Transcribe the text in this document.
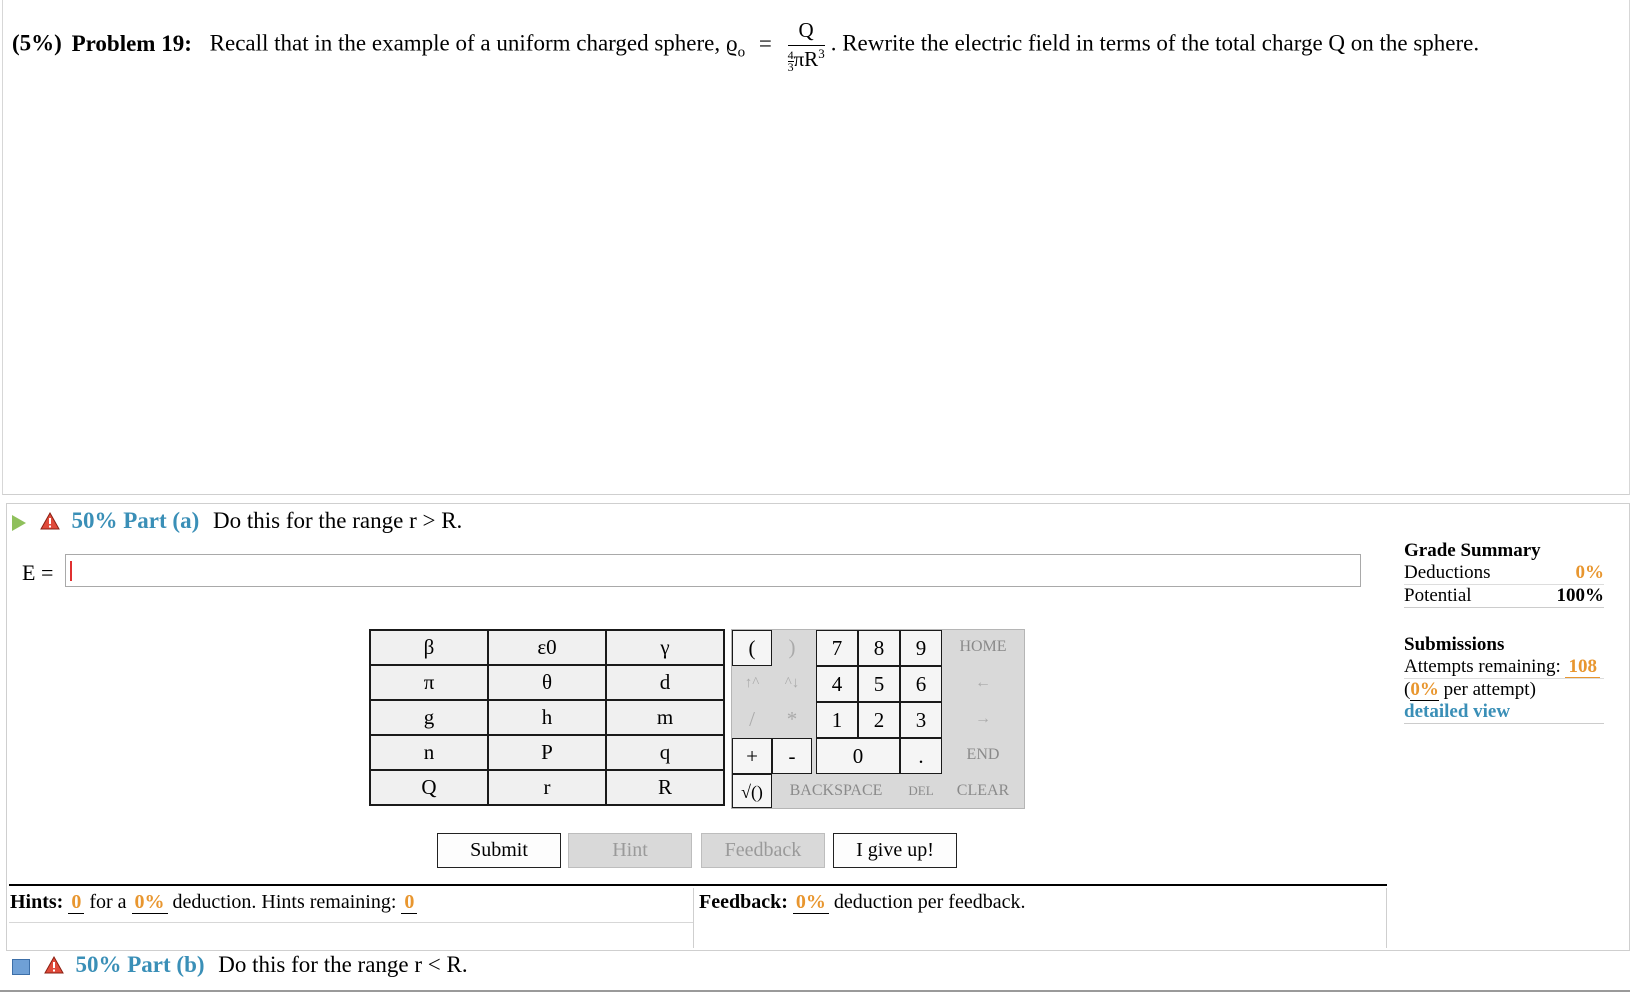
(5%) Problem 19: Recall that in the example of a uniform charged sphere, $ϱ_o = \frac{Q}{\frac{4}{3} \pi R^3}$ . Rewrite the electric field in terms of the total charge Q on the sphere.
50% Part (a) Do this for the range r > R.
E =
β	ε0	γ
π	θ	d
g	h	m
n	P	q
Q	r	R
(	)	7	8	9	HOME
↑^	^↓	4	5	6	←
/	*	1	2	3	→
+	-	0	.	END
√()	BACKSPACE	DEL	CLEAR
Submit	Hint	Feedback	I give up!
Hints: 0 for a 0% deduction. Hints remaining: 0	Feedback: 0% deduction per feedback.
Grade Summary
Deductions	0%
Potential	100%
Submissions
Attempts remaining: 108
(0% per attempt)
detailed view
50% Part (b) Do this for the range r < R.
